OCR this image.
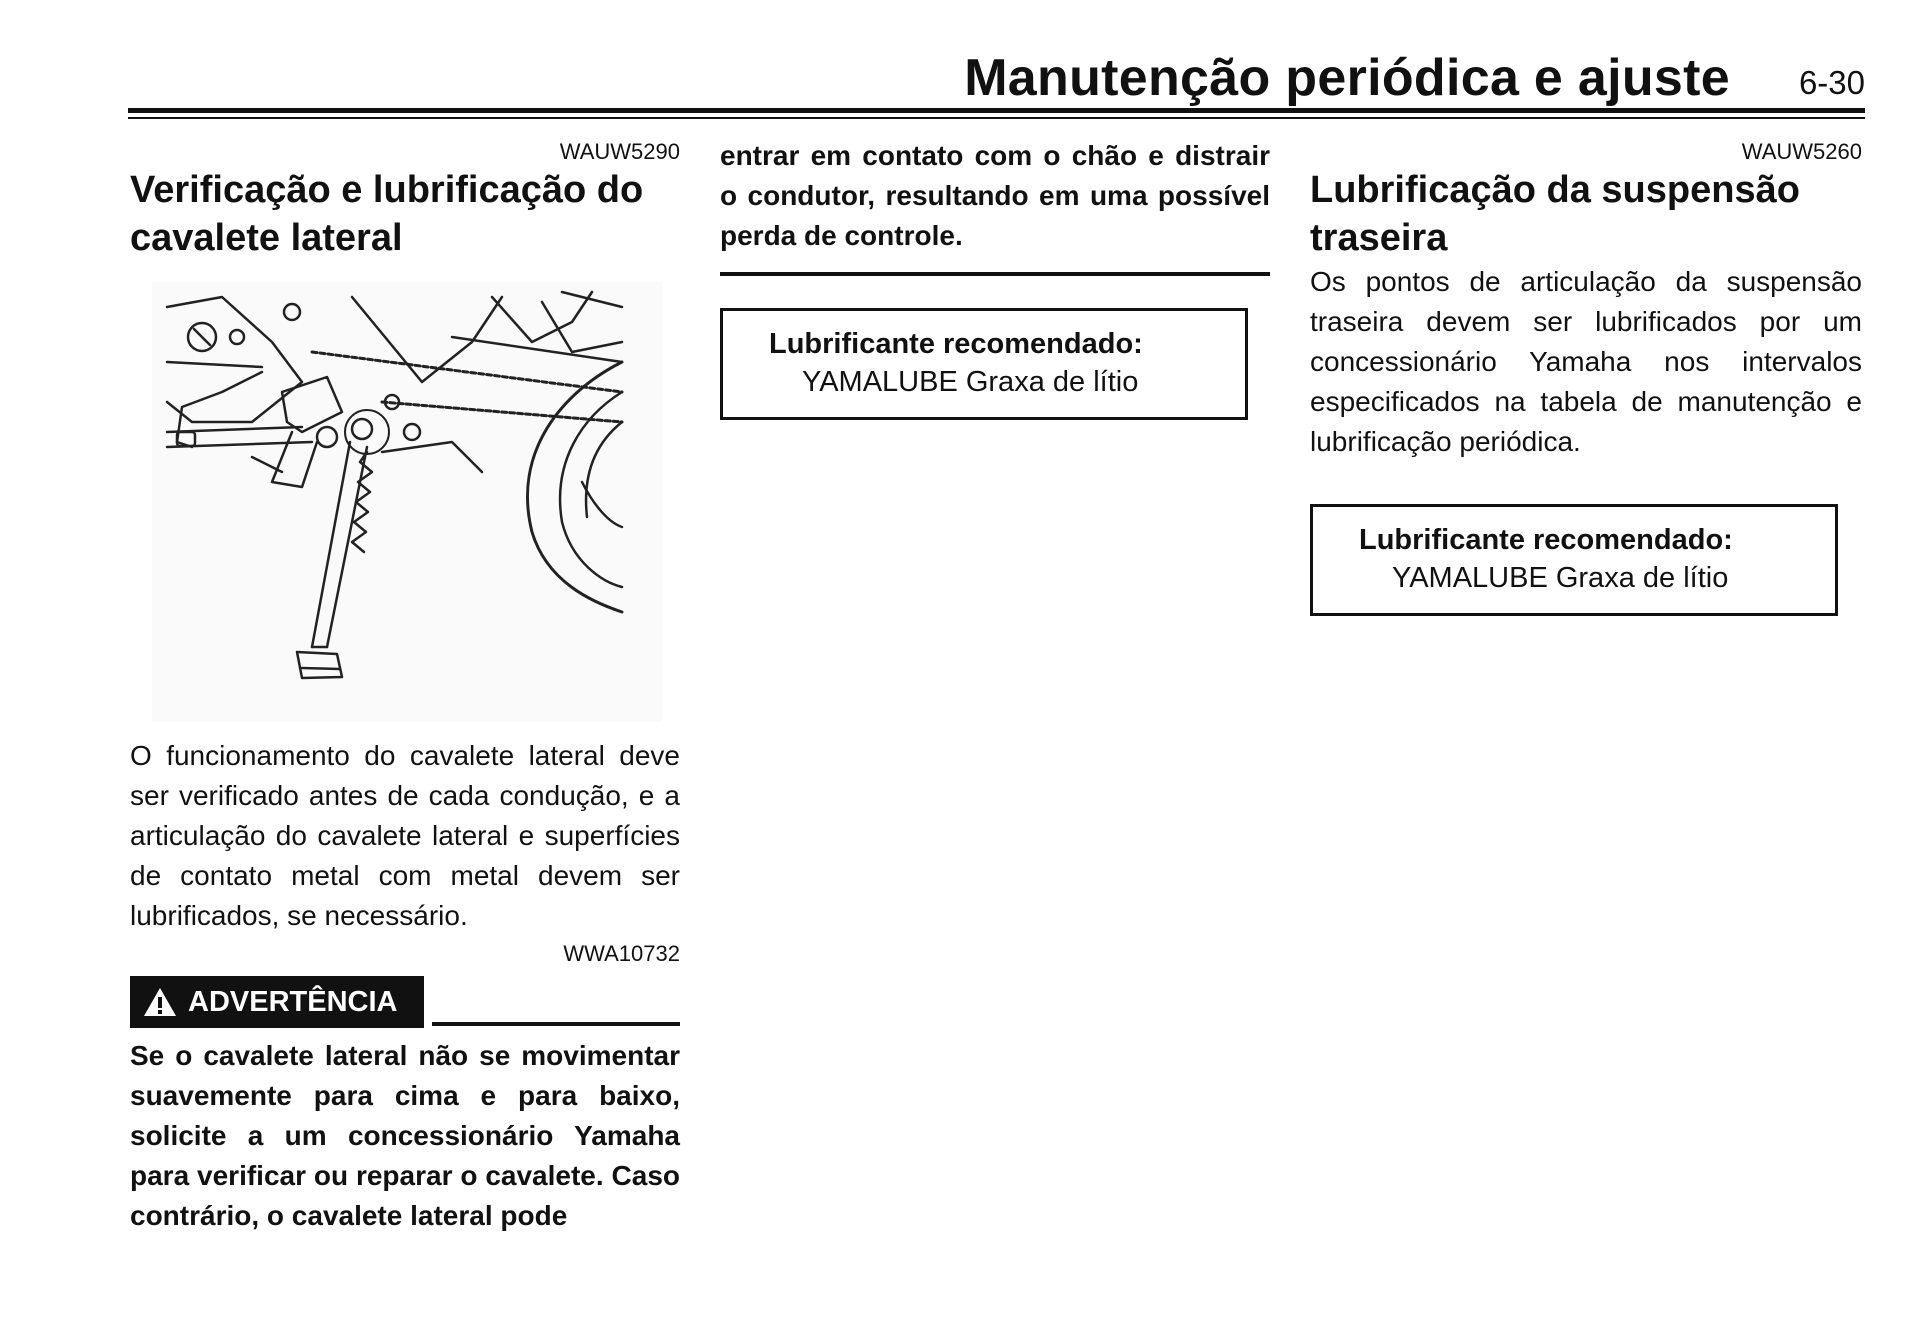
Manutenção periódica e ajuste 6-30
WAUW5290
Verificação e lubrificação do cavalete lateral

O funcionamento do cavalete lateral deve ser verificado antes de cada condução, e a articulação do cavalete lateral e superfícies de contato metal com metal devem ser lubrificados, se necessário.

WWA10732
ADVERTÊNCIA

Se o cavalete lateral não se movimentar suavemente para cima e para baixo, solicite a um concessionário Yamaha para verificar ou reparar o cavalete. Caso contrário, o cavalete lateral pode

entrar em contato com o chão e distrair o condutor, resultando em uma possível perda de controle.

Lubrificante recomendado:
YAMALUBE Graxa de lítio
WAUW5260
Lubrificação da suspensão traseira

Os pontos de articulação da suspensão traseira devem ser lubrificados por um concessionário Yamaha nos intervalos especificados na tabela de manutenção e lubrificação periódica.

Lubrificante recomendado:
YAMALUBE Graxa de lítio
